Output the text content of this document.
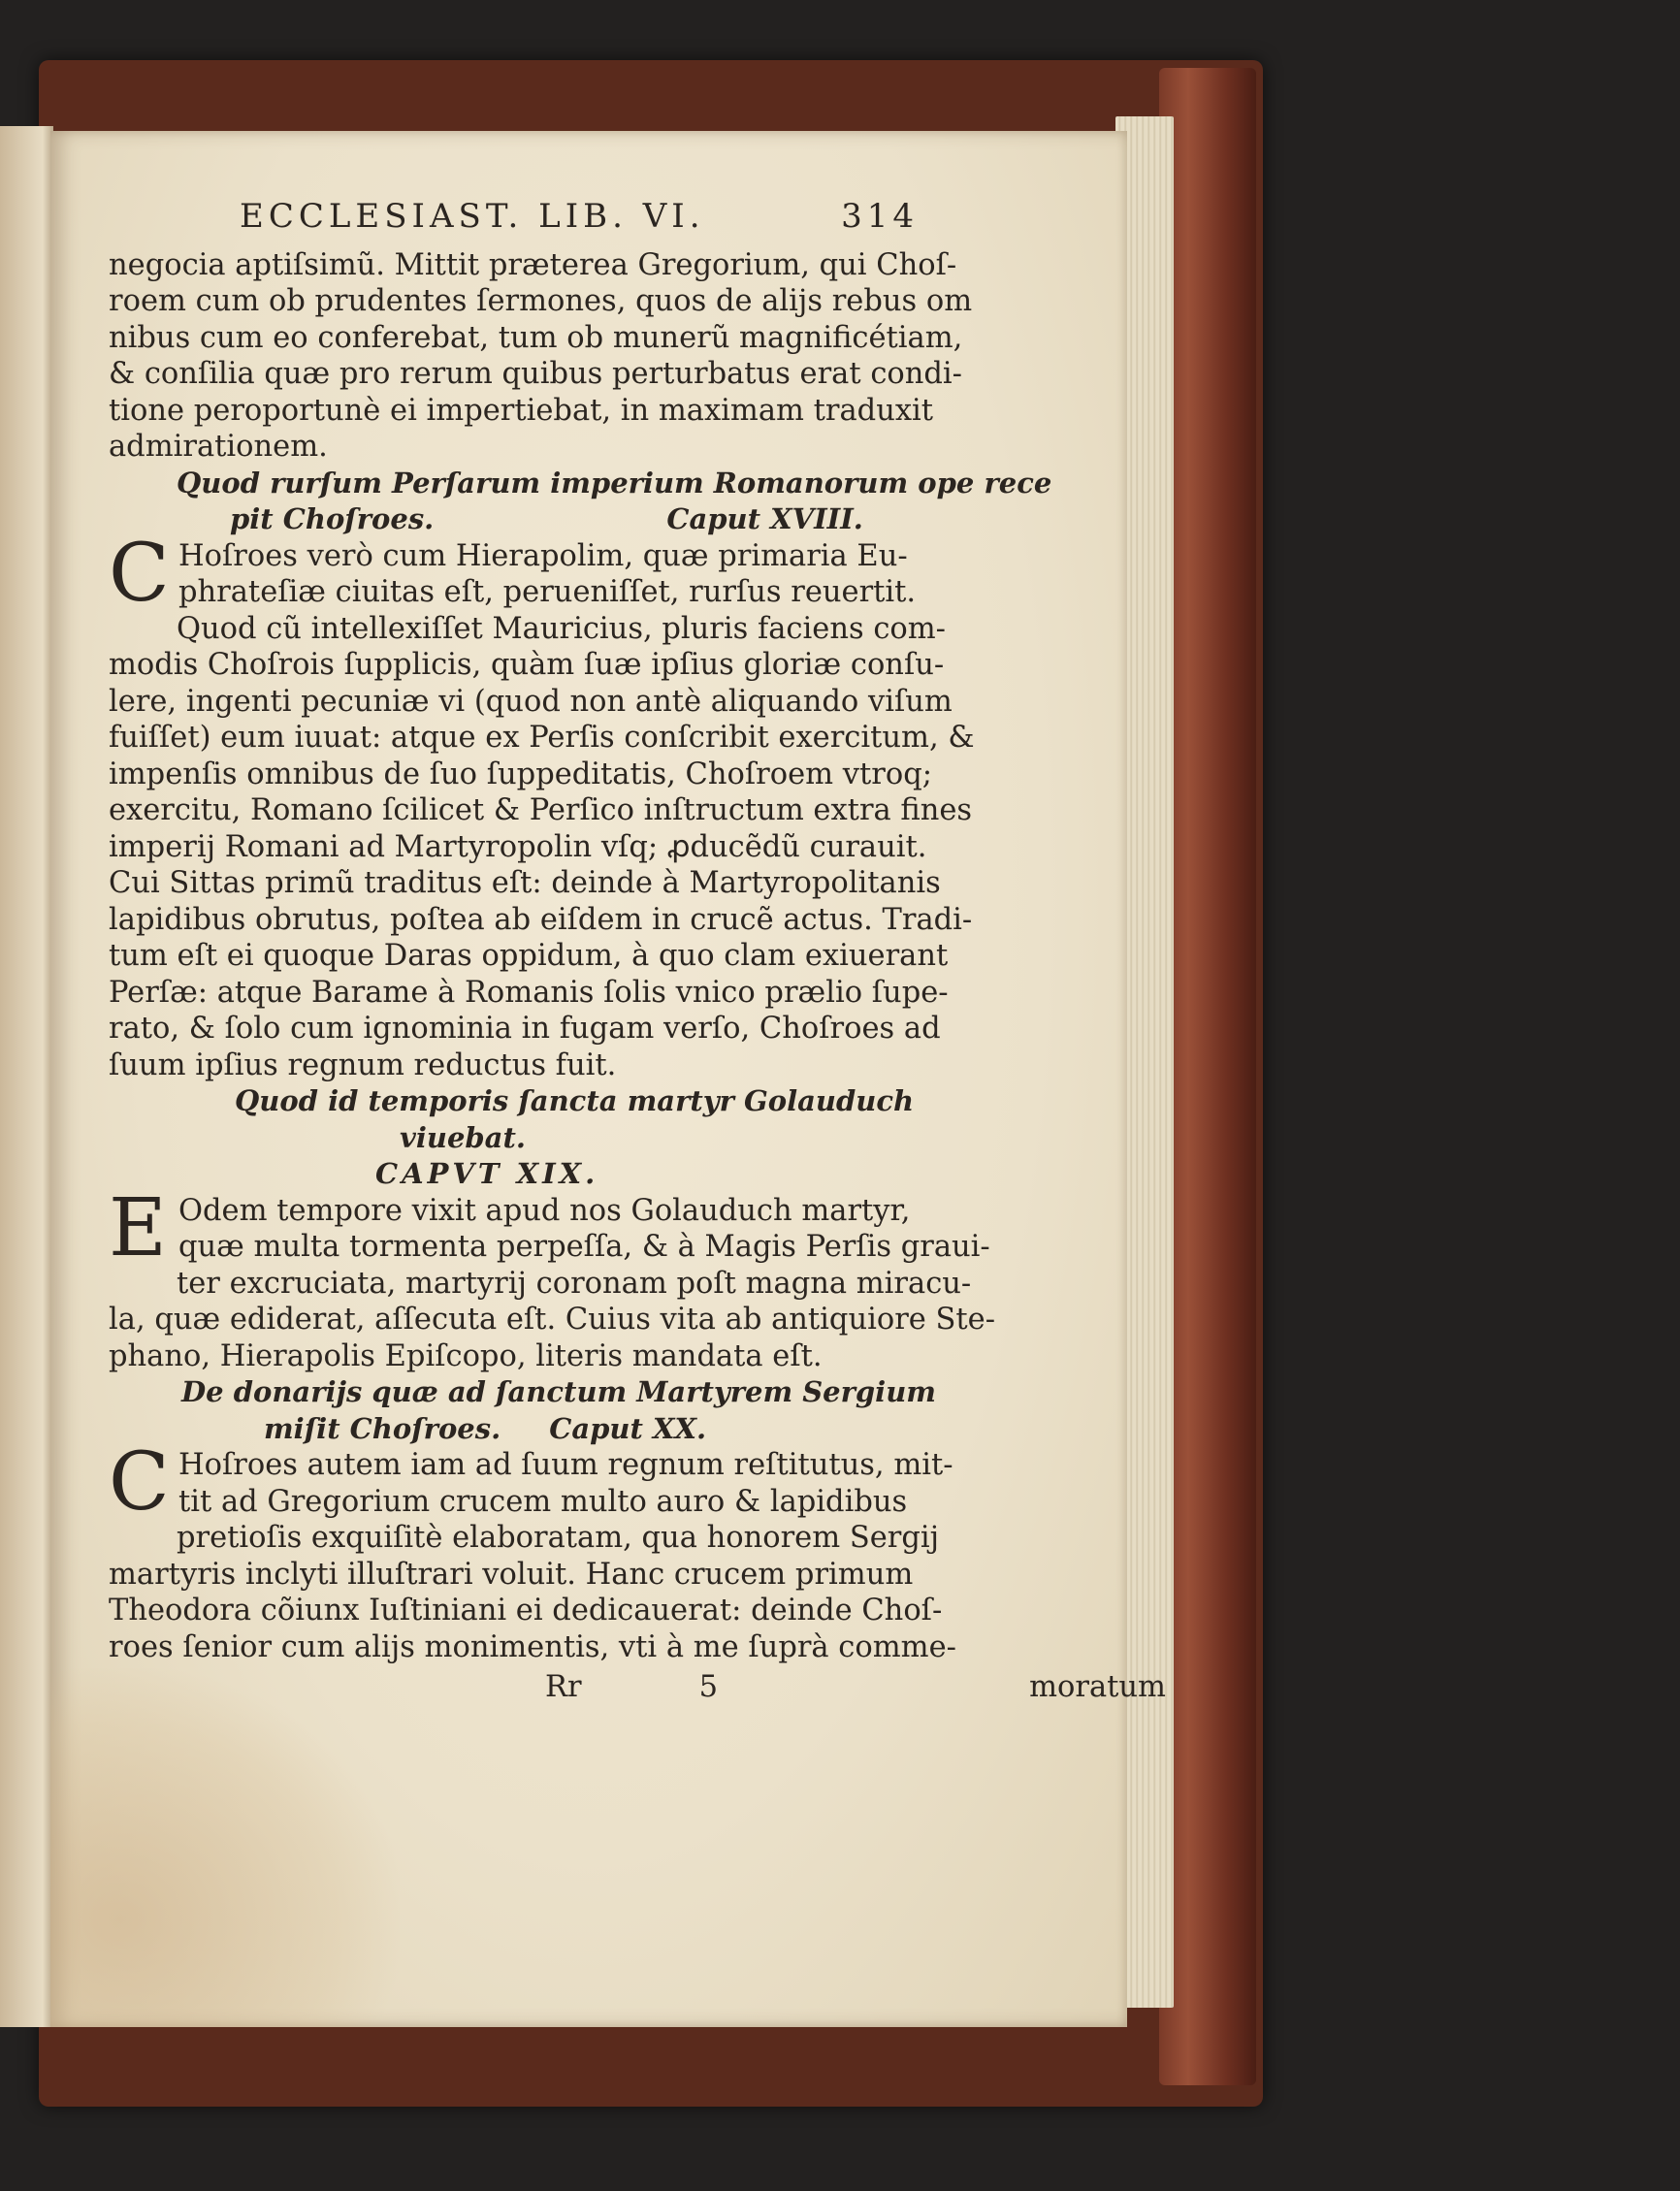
ECCLESIAST. LIB. VI.	314
negocia aptiſsimũ. Mittit præterea Gregorium, qui Choſ-
roem cum ob prudentes ſermones, quos de alijs rebus om
nibus cum eo conferebat, tum ob munerũ magnificétiam,
& conſilia quæ pro rerum quibus perturbatus erat condi-
tione peroportunè ei impertiebat, in maximam traduxit
admirationem.
Quod rurſum Perſarum imperium Romanorum ope rece
pit Choſroes.	Caput XVIII.
C Hoſroes verò cum Hierapolim, quæ primaria Eu-
phrateſiæ ciuitas eſt, perueniſſet, rurſus reuertit.
Quod cũ intellexiſſet Mauricius, pluris faciens com-
modis Choſrois ſupplicis, quàm ſuæ ipſius gloriæ conſu-
lere, ingenti pecuniæ vi (quod non antè aliquando viſum
fuiſſet) eum iuuat: atque ex Perſis conſcribit exercitum, &
impenſis omnibus de ſuo ſuppeditatis, Choſroem vtroq;
exercitu, Romano ſcilicet & Perſico inſtructum extra fines
imperij Romani ad Martyropolin vſq; ꝓducẽdũ curauit.
Cui Sittas primũ traditus eſt: deinde à Martyropolitanis
lapidibus obrutus, poſtea ab eiſdem in crucẽ actus. Tradi-
tum eſt ei quoque Daras oppidum, à quo clam exiuerant
Perſæ: atque Barame à Romanis ſolis vnico prælio ſupe-
rato, & ſolo cum ignominia in fugam verſo, Choſroes ad
ſuum ipſius regnum reductus fuit.
Quod id temporis ſancta martyr Golauduch
viuebat.
CAPVT XIX.
E Odem tempore vixit apud nos Golauduch martyr,
quæ multa tormenta perpeſſa, & à Magis Perſis graui-
ter excruciata, martyrij coronam poſt magna miracu-
la, quæ ediderat, aſſecuta eſt. Cuius vita ab antiquiore Ste-
phano, Hierapolis Epiſcopo, literis mandata eſt.
De donarijs quæ ad ſanctum Martyrem Sergium
miſit Choſroes. Caput XX.
C Hoſroes autem iam ad ſuum regnum reſtitutus, mit-
tit ad Gregorium crucem multo auro & lapidibus
pretioſis exquiſitè elaboratam, qua honorem Sergij
martyris inclyti illuſtrari voluit. Hanc crucem primum
Theodora cõiunx Iuſtiniani ei dedicauerat: deinde Choſ-
roes ſenior cum alijs monimentis, vti à me ſuprà comme-
Rr	5	moratum
